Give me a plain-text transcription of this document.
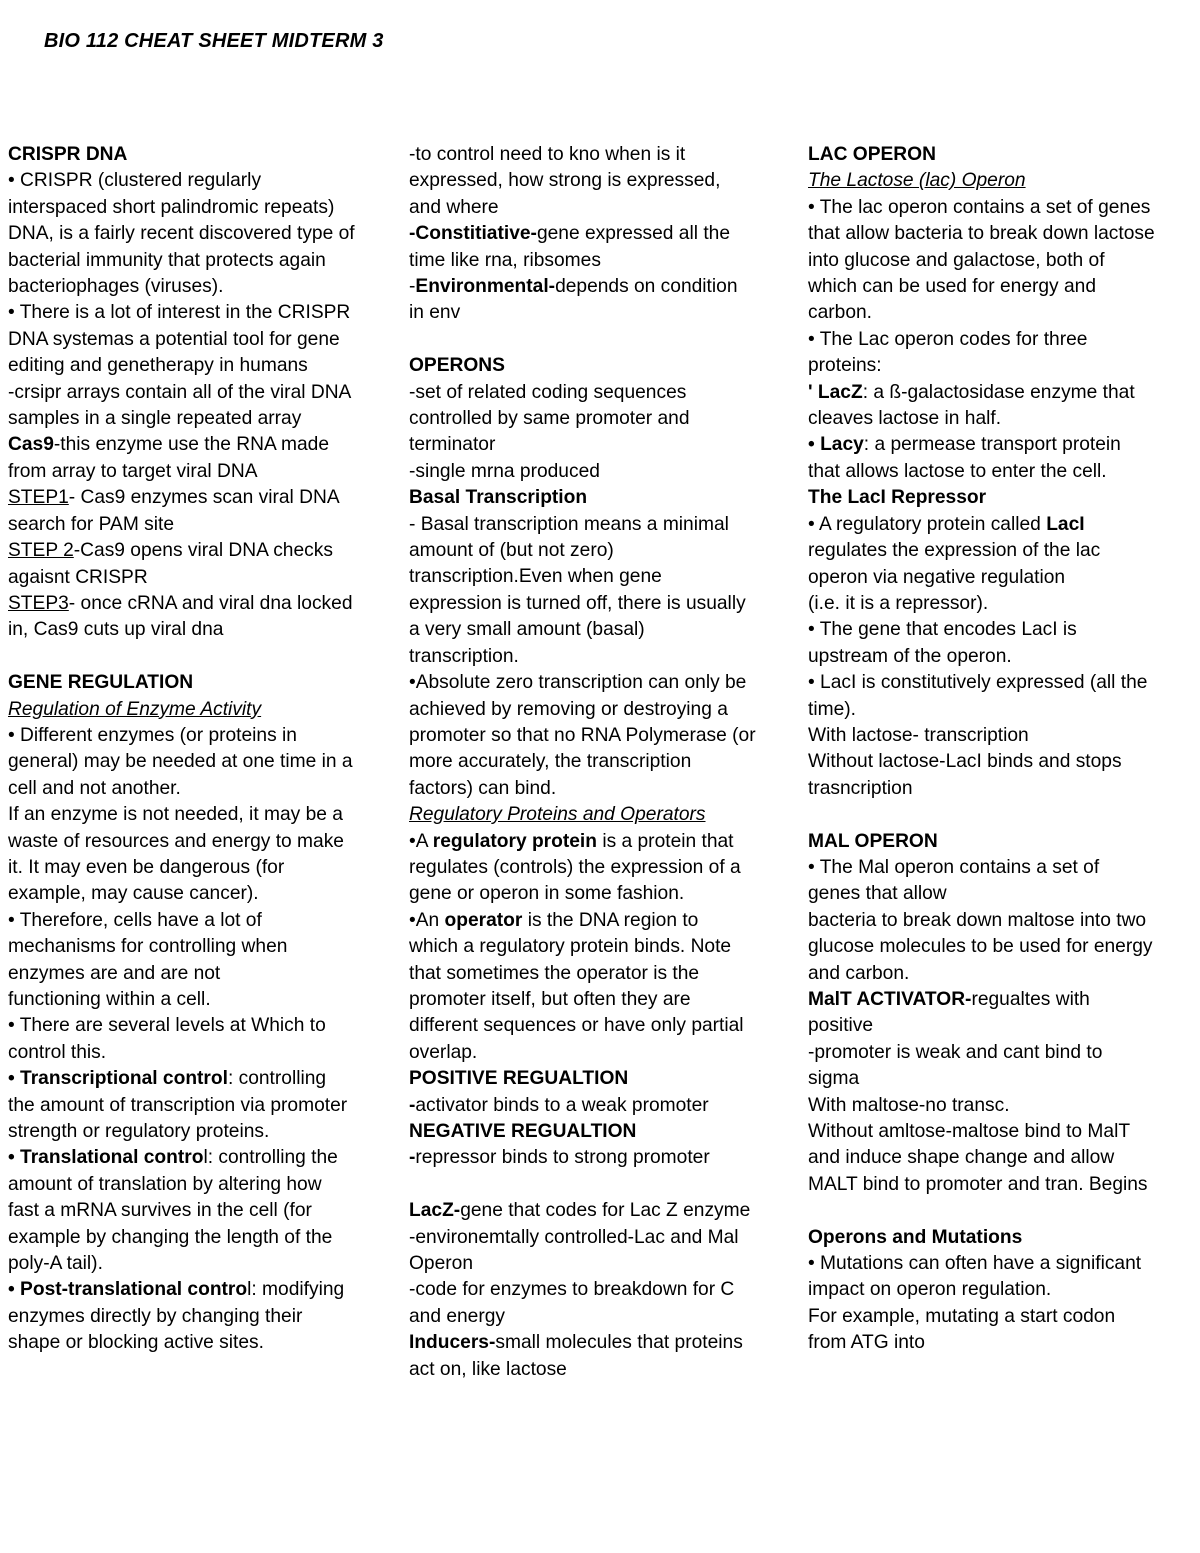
BIO 112 CHEAT SHEET MIDTERM 3
CRISPR DNA
• CRISPR (clustered regularly
interspaced short palindromic repeats)
DNA, is a fairly recent discovered type of
bacterial immunity that protects again
bacteriophages (viruses).
• There is a lot of interest in the CRISPR
DNA systemas a potential tool for gene
editing and genetherapy in humans
-crsipr arrays contain all of the viral DNA
samples in a single repeated array
Cas9-this enzyme use the RNA made
from array to target viral DNA
STEP1- Cas9 enzymes scan viral DNA
search for PAM site
STEP 2-Cas9 opens viral DNA checks
agaisnt CRISPR
STEP3- once cRNA and viral dna locked
in, Cas9 cuts up viral dna
GENE REGULATION
Regulation of Enzyme Activity
• Different enzymes (or proteins in
general) may be needed at one time in a
cell and not another.
If an enzyme is not needed, it may be a
waste of resources and energy to make
it. It may even be dangerous (for
example, may cause cancer).
• Therefore, cells have a lot of
mechanisms for controlling when
enzymes are and are not
functioning within a cell.
• There are several levels at Which to
control this.
• Transcriptional control: controlling
the amount of transcription via promoter
strength or regulatory proteins.
• Translational control: controlling the
amount of translation by altering how
fast a mRNA survives in the cell (for
example by changing the length of the
poly-A tail).
• Post-translational control: modifying
enzymes directly by changing their
shape or blocking active sites.
-to control need to kno when is it
expressed, how strong is expressed,
and where
-Constitiative-gene expressed all the
time like rna, ribsomes
-Environmental-depends on condition
in env
OPERONS
-set of related coding sequences
controlled by same promoter and
terminator
-single mrna produced
Basal Transcription
- Basal transcription means a minimal
amount of (but not zero)
transcription.Even when gene
expression is turned off, there is usually
a very small amount (basal)
transcription.
•Absolute zero transcription can only be
achieved by removing or destroying a
promoter so that no RNA Polymerase (or
more accurately, the transcription
factors) can bind.
Regulatory Proteins and Operators
•A regulatory protein is a protein that
regulates (controls) the expression of a
gene or operon in some fashion.
•An operator is the DNA region to
which a regulatory protein binds. Note
that sometimes the operator is the
promoter itself, but often they are
different sequences or have only partial
overlap.
POSITIVE REGUALTION
-activator binds to a weak promoter
NEGATIVE REGUALTION
-repressor binds to strong promoter
LacZ-gene that codes for Lac Z enzyme
-environemtally controlled-Lac and Mal
Operon
-code for enzymes to breakdown for C
and energy
Inducers-small molecules that proteins
act on, like lactose
LAC OPERON
The Lactose (lac) Operon
• The lac operon contains a set of genes
that allow bacteria to break down lactose
into glucose and galactose, both of
which can be used for energy and
carbon.
• The Lac operon codes for three
proteins:
' LacZ: a ß-galactosidase enzyme that
cleaves lactose in half.
• Lacy: a permease transport protein
that allows lactose to enter the cell.
The LacI Repressor
• A regulatory protein called LacI
regulates the expression of the lac
operon via negative regulation
(i.e. it is a repressor).
• The gene that encodes LacI is
upstream of the operon.
• LacI is constitutively expressed (all the
time).
With lactose- transcription
Without lactose-LacI binds and stops
trasncription
MAL OPERON
• The Mal operon contains a set of
genes that allow
bacteria to break down maltose into two
glucose molecules to be used for energy
and carbon.
MalT ACTIVATOR-regualtes with
positive
-promoter is weak and cant bind to
sigma
With maltose-no transc.
Without amltose-maltose bind to MalT
and induce shape change and allow
MALT bind to promoter and tran. Begins
Operons and Mutations
• Mutations can often have a significant
impact on operon regulation.
For example, mutating a start codon
from ATG into
